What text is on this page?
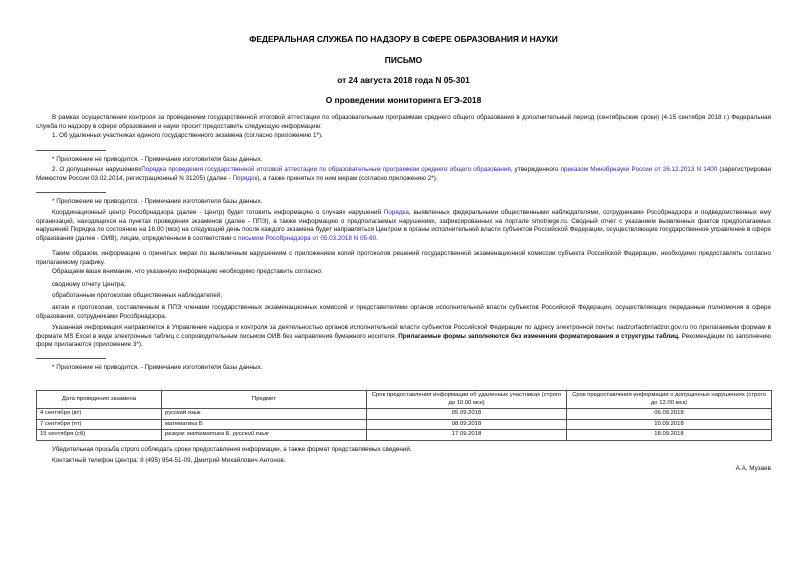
ФЕДЕРАЛЬНАЯ СЛУЖБА ПО НАДЗОРУ В СФЕРЕ ОБРАЗОВАНИЯ И НАУКИ
ПИСЬМО
от 24 августа 2018 года N 05-301
О проведении мониторинга ЕГЭ-2018
В рамках осуществления контроля за проведением государственной итоговой аттестации по образовательным программам среднего общего образования в дополнительный период (сентябрьские сроки) (4-15 сентября 2018 г.) Федеральная служба по надзору в сфере образования и науки просит предоставить следующую информацию:
1. Об удаленных участниках единого государственного экзамена (согласно приложению 1*).
* Приложение не приводится. - Примечание изготовителя базы данных.
2. О допущенных нарушенияхПорядка проведения государственной итоговой аттестации по образовательным программам среднего общего образования, утвержденного приказом Минобрнауки России от 26.12.2013 N 1400 (зарегистрирован Минюстом России 03.02.2014, регистрационный N 31205) (далее - Порядок), а также принятых по ним мерам (согласно приложению 2*).
* Приложение не приводится. - Примечание изготовителя базы данных.
Координационный центр Рособрнадзора (далее - Центр) будет готовить информацию о случаях нарушений Порядка, выявленных федеральными общественными наблюдателями, сотрудниками Рособрнадзора и подведомственных ему организаций, находящихся на пунктах проведения экзаменов (далее - ППЭ), а также информацию о предполагаемых нарушениях, зафиксированных на портале smotriege.ru. Сводный отчет с указанием выявленных фактов предполагаемых нарушений Порядка по состоянию на 16.00 (мск) на следующий день после каждого экзамена будет направляться Центром в органы исполнительной власти субъектов Российской Федерации, осуществляющие государственное управление в сфере образования (далее - ОИВ), лицам, определенным в соответствии с письмом Рособрнадзора от 05.03.2018 N 05-60.
Таким образом, информацию о принятых мерах по выявленным нарушениям с приложением копий протоколов решений государственной экзаменационной комиссии субъекта Российской Федерации, необходимо предоставлять согласно прилагаемому графику.
Обращаем ваше внимание, что указанную информацию необходимо представить согласно:
сводному отчету Центра;
обработанным протоколам общественных наблюдателей;
актам и протоколам, составленным в ППЭ членами государственных экзаменационных комиссий и представителями органов исполнительной власти субъектов Российской Федерации, осуществляющих переданные полномочия в сфере образования, сотрудниками Рособрнадзора.
Указанная информация направляется в Управление надзора и контроля за деятельностью органов исполнительной власти субъектов Российской Федерации по адресу электронной почты: nadzorfaobrnadzor.gov.ru по прилагаемым формам в формате MS Excel в виде электронных таблиц с сопроводительным письмом ОИВ без направления бумажного носителя. Прилагаемые формы заполняются без изменения форматирования и структуры таблиц. Рекомендации по заполнению форм прилагаются (приложение 3*).
* Приложение не приводится. - Примечание изготовителя базы данных.
Дата проведения экзамена	Предмет	Срок предоставления информации об удаленных участниках (строго до 10.00 мск)	Срок предоставления информации о допущенных нарушениях (строго до 12.00 мск)
4 сентября (вт)	русский язык	05.09.2018	06.09.2018
7 сентября (пт)	математика Б	08.09.2018	10.09.2018
15 сентября (сб)	резерв: математика Б, русский язык	17.09.2018	18.09.2018
Убедительная просьба строго соблюдать сроки предоставления информации, а также формат представляемых сведений.
Контактный телефон Центра: 8 (495) 954-51-09, Дмитрий Михайлович Антонов.
А.А. Музаев
